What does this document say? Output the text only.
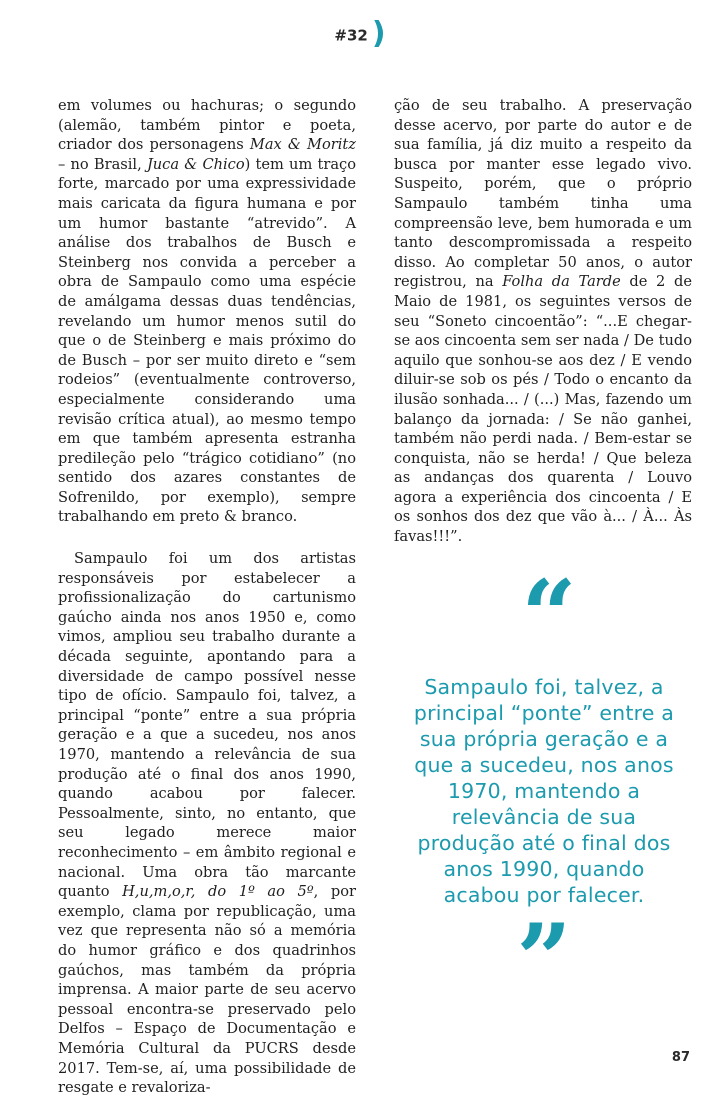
#32 )

em volumes ou hachuras; o segundo (alemão, também pintor e poeta, criador dos personagens Max & Moritz – no Brasil, Juca & Chico) tem um traço forte, marcado por uma expressividade mais caricata da figura humana e por um humor bastante “atrevido”. A análise dos trabalhos de Busch e Steinberg nos convida a perceber a obra de Sampaulo como uma espécie de amálgama dessas duas tendências, revelando um humor menos sutil do que o de Steinberg e mais próximo do de Busch – por ser muito direto e “sem rodeios” (eventualmente controverso, especialmente considerando uma revisão crítica atual), ao mesmo tempo em que também apresenta estranha predileção pelo “trágico cotidiano” (no sentido dos azares constantes de Sofrenildo, por exemplo), sempre trabalhando em preto & branco.

Sampaulo foi um dos artistas responsáveis por estabelecer a profissionalização do cartunismo gaúcho ainda nos anos 1950 e, como vimos, ampliou seu trabalho durante a década seguinte, apontando para a diversidade de campo possível nesse tipo de ofício. Sampaulo foi, talvez, a principal “ponte” entre a sua própria geração e a que a sucedeu, nos anos 1970, mantendo a relevância de sua produção até o final dos anos 1990, quando acabou por falecer. Pessoalmente, sinto, no entanto, que seu legado merece maior reconhecimento – em âmbito regional e nacional. Uma obra tão marcante quanto H,u,m,o,r, do 1º ao 5º, por exemplo, clama por republicação, uma vez que representa não só a memória do humor gráfico e dos quadrinhos gaúchos, mas também da própria imprensa. A maior parte de seu acervo pessoal encontra-se preservado pelo Delfos – Espaço de Documentação e Memória Cultural da PUCRS desde 2017. Tem-se, aí, uma possibilidade de resgate e revaloriza-

ção de seu trabalho. A preservação desse acervo, por parte do autor e de sua família, já diz muito a respeito da busca por manter esse legado vivo. Suspeito, porém, que o próprio Sampaulo também tinha uma compreensão leve, bem humorada e um tanto descompromissada a respeito disso. Ao completar 50 anos, o autor registrou, na Folha da Tarde de 2 de Maio de 1981, os seguintes versos de seu “Soneto cincoentão”: “...E chegar-se aos cincoenta sem ser nada / De tudo aquilo que sonhou-se aos dez / E vendo diluir-se sob os pés / Todo o encanto da ilusão sonhada... / (...) Mas, fazendo um balanço da jornada: / Se não ganhei, também não perdi nada. / Bem-estar se conquista, não se herda! / Que beleza as andanças dos quarenta / Louvo agora a experiência dos cincoenta / E os sonhos dos dez que vão à... / À... Às favas!!!”.

“
Sampaulo foi, talvez, a principal “ponte” entre a sua própria geração e a que a sucedeu, nos anos 1970, mantendo a relevância de sua produção até o final dos anos 1990, quando acabou por falecer.
”
87
